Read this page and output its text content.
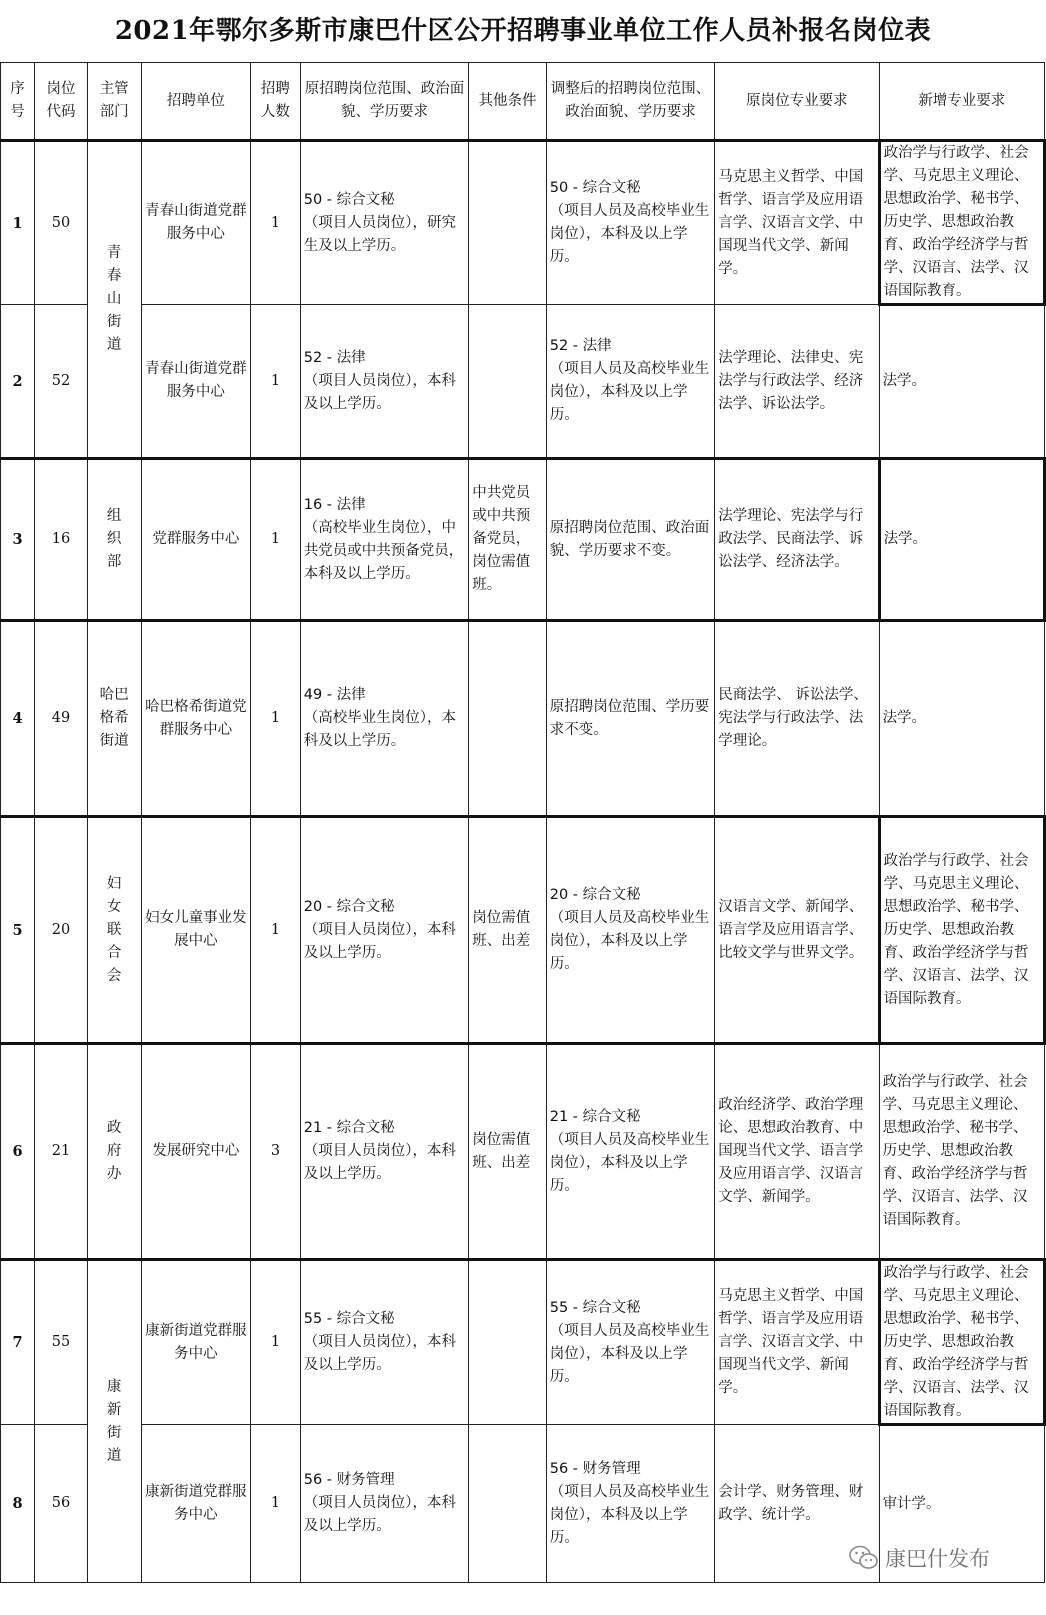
2021年鄂尔多斯市康巴什区公开招聘事业单位工作人员补报名岗位表
序号	岗位代码	主管部门	招聘单位	招聘人数	原招聘岗位范围、政治面貌、学历要求	其他条件	调整后的招聘岗位范围、政治面貌、学历要求	原岗位专业要求	新增专业要求
1	50	青春山街道	青春山街道党群服务中心	1	50 - 综合文秘
（项目人员岗位），研究生及以上学历。		50 - 综合文秘
（项目人员及高校毕业生岗位），本科及以上学历。	马克思主义哲学、中国哲学、语言学及应用语言学、汉语言文学、中国现当代文学、新闻学。	政治学与行政学、社会学、马克思主义理论、思想政治学、秘书学、历史学、思想政治教育、政治学经济学与哲学、汉语言、法学、汉语国际教育。
2	52		青春山街道党群服务中心	1	52 - 法律
（项目人员岗位），本科及以上学历。		52 - 法律
（项目人员及高校毕业生岗位），本科及以上学历。	法学理论、法律史、宪法学与行政法学、经济法学、诉讼法学。	法学。
3	16	组织部	党群服务中心	1	16 - 法律
（高校毕业生岗位），中共党员或中共预备党员，本科及以上学历。	中共党员或中共预备党员，岗位需值班。	原招聘岗位范围、政治面貌、学历要求不变。	法学理论、宪法学与行政法学、民商法学、诉讼法学、经济法学。	法学。
4	49	哈巴格希街道	哈巴格希街道党群服务中心	1	49 - 法律
（高校毕业生岗位），本科及以上学历。		原招聘岗位范围、学历要求不变。	民商法学、 诉讼法学、宪法学与行政法学、法学理论。	法学。
5	20	妇女联合会	妇女儿童事业发展中心	1	20 - 综合文秘
（项目人员岗位），本科及以上学历。	岗位需值班、出差	20 - 综合文秘
（项目人员及高校毕业生岗位），本科及以上学历。	汉语言文学、新闻学、语言学及应用语言学、比较文学与世界文学。	政治学与行政学、社会学、马克思主义理论、思想政治学、秘书学、历史学、思想政治教育、政治学经济学与哲学、汉语言、法学、汉语国际教育。
6	21	政府办	发展研究中心	3	21 - 综合文秘
（项目人员岗位），本科及以上学历。	岗位需值班、出差	21 - 综合文秘
（项目人员及高校毕业生岗位），本科及以上学历。	政治经济学、政治学理论、思想政治教育、中国现当代文学、语言学及应用语言学、汉语言文学、新闻学。	政治学与行政学、社会学、马克思主义理论、思想政治学、秘书学、历史学、思想政治教育、政治学经济学与哲学、汉语言、法学、汉语国际教育。
7	55	康新街道	康新街道党群服务中心	1	55 - 综合文秘
（项目人员岗位），本科及以上学历。		55 - 综合文秘
（项目人员及高校毕业生岗位），本科及以上学历。	马克思主义哲学、中国哲学、语言学及应用语言学、汉语言文学、中国现当代文学、新闻学。	政治学与行政学、社会学、马克思主义理论、思想政治学、秘书学、历史学、思想政治教育、政治学经济学与哲学、汉语言、法学、汉语国际教育。
8	56		康新街道党群服务中心	1	56 - 财务管理
（项目人员岗位），本科及以上学历。		56 - 财务管理
（项目人员及高校毕业生岗位），本科及以上学历。	会计学、财务管理、财政学、统计学。	审计学。
康巴什发布
